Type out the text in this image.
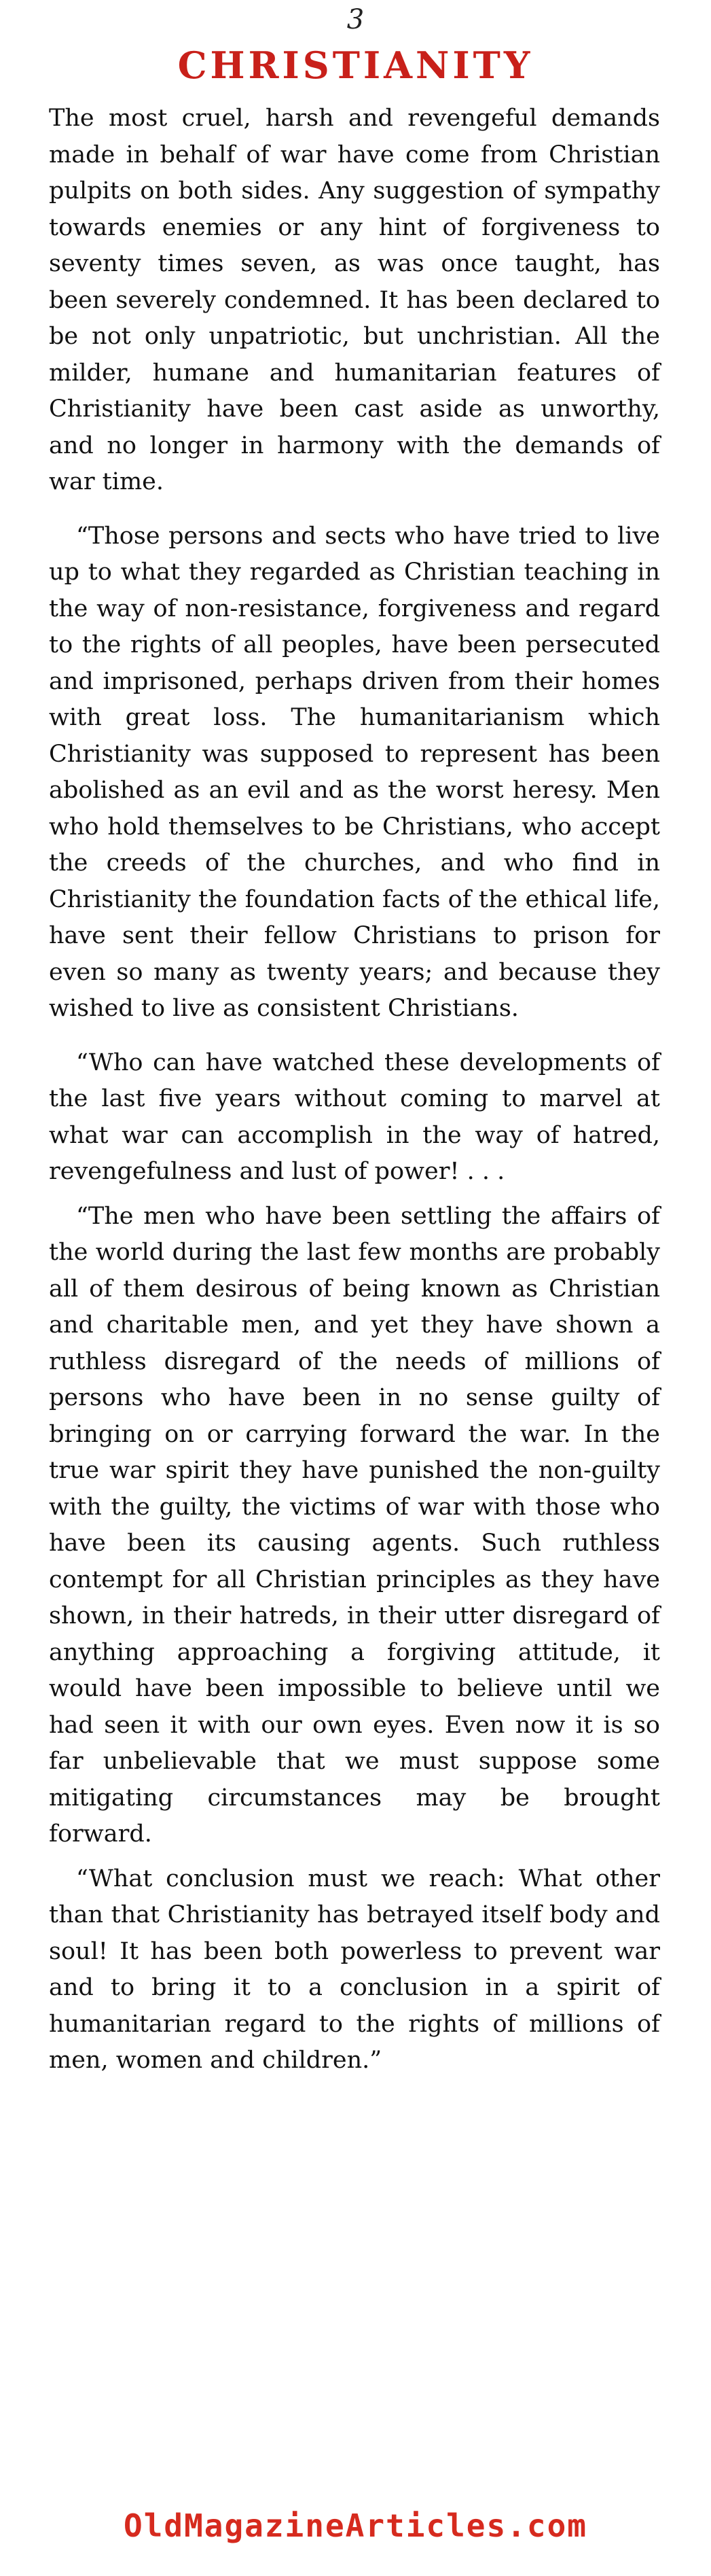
3
CHRISTIANITY

The most cruel, harsh and revengeful demands made in behalf of war have come from Christian pulpits on both sides. Any suggestion of sympathy towards enemies or any hint of forgiveness to seventy times seven, as was once taught, has been severely condemned. It has been declared to be not only unpatriotic, but unchristian. All the milder, humane and humanitarian features of Christianity have been cast aside as unworthy, and no longer in harmony with the demands of war time.

“Those persons and sects who have tried to live up to what they regarded as Christian teaching in the way of non-resistance, forgiveness and regard to the rights of all peoples, have been persecuted and imprisoned, perhaps driven from their homes with great loss. The humanitarianism which Christianity was supposed to represent has been abolished as an evil and as the worst heresy. Men who hold themselves to be Christians, who accept the creeds of the churches, and who find in Christianity the foundation facts of the ethical life, have sent their fellow Christians to prison for even so many as twenty years; and because they wished to live as consistent Christians.

“Who can have watched these developments of the last five years without coming to marvel at what war can accomplish in the way of hatred, revengefulness and lust of power! . . .

“The men who have been settling the affairs of the world during the last few months are probably all of them desirous of being known as Christian and charitable men, and yet they have shown a ruthless disregard of the needs of millions of persons who have been in no sense guilty of bringing on or carrying forward the war. In the true war spirit they have punished the non-guilty with the guilty, the victims of war with those who have been its causing agents. Such ruthless contempt for all Christian principles as they have shown, in their hatreds, in their utter disregard of anything approaching a forgiving attitude, it would have been impossible to believe until we had seen it with our own eyes. Even now it is so far unbelievable that we must suppose some mitigating circumstances may be brought forward.

“What conclusion must we reach: What other than that Christianity has betrayed itself body and soul! It has been both powerless to prevent war and to bring it to a conclusion in a spirit of humanitarian regard to the rights of millions of men, women and children.”

OldMagazineArticles.com
